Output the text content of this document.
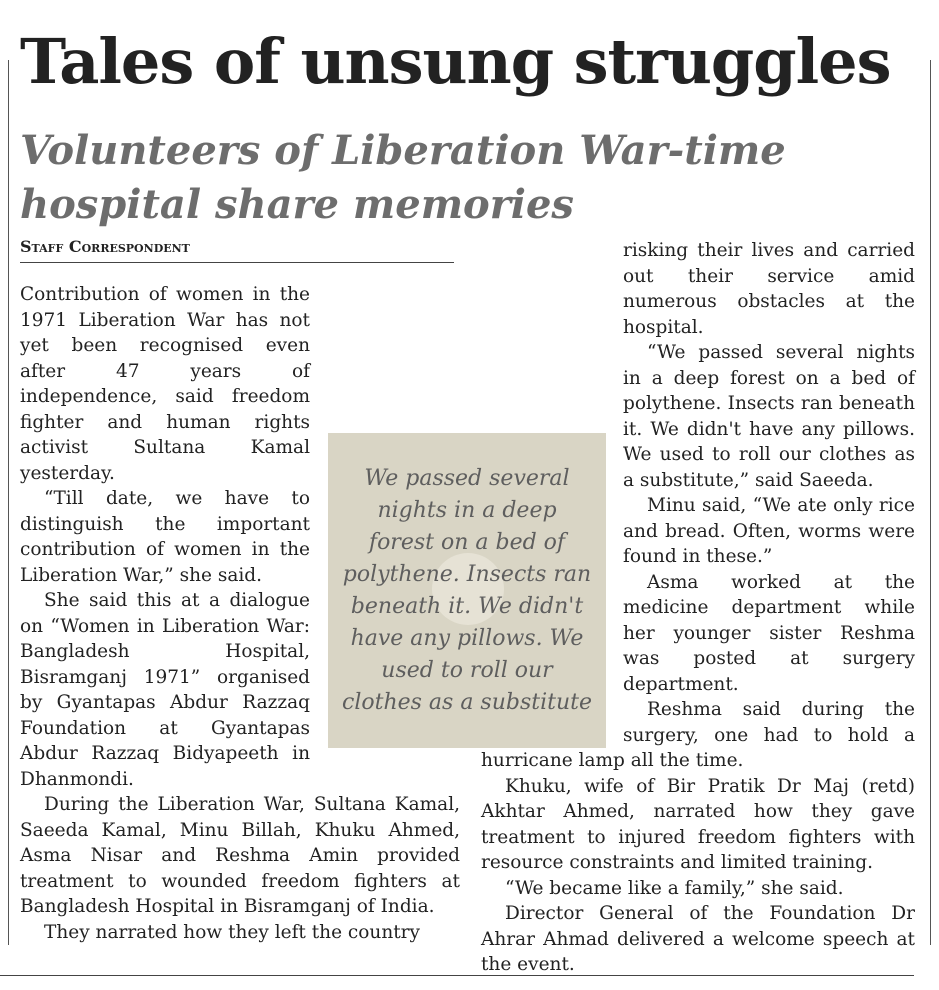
Tales of unsung struggles
Volunteers of Liberation War-time hospital share memories
Staff Correspondent

Contribution of women in the 1971 Liberation War has not yet been recognised even after 47 years of independence, said freedom fighter and human rights activist Sultana Kamal yesterday.

“Till date, we have to distinguish the important contribution of women in the Liberation War,” she said.

She said this at a dialogue on “Women in Liberation War: Bangladesh Hospital, Bisramganj 1971” organised by Gyantapas Abdur Razzaq Foundation at Gyantapas Abdur Razzaq Bidyapeeth in Dhanmondi.

During the Liberation War, Sultana Kamal, Saeeda Kamal, Minu Billah, Khuku Ahmed, Asma Nisar and Reshma Amin provided treatment to wounded freedom fighters at Bangladesh Hospital in Bisramganj of India.

They narrated how they left the country

risking their lives and carried out their service amid numerous obstacles at the hospital.

“We passed several nights in a deep forest on a bed of polythene. Insects ran beneath it. We didn't have any pillows. We used to roll our clothes as a substitute,” said Saeeda.

Minu said, “We ate only rice and bread. Often, worms were found in these.”

Asma worked at the medicine department while her younger sister Reshma was posted at surgery department.

Reshma said during the surgery, one had to hold a hurricane lamp all the time.

Khuku, wife of Bir Pratik Dr Maj (retd) Akhtar Ahmed, narrated how they gave treatment to injured freedom fighters with resource constraints and limited training.

“We became like a family,” she said.

Director General of the Foundation Dr Ahrar Ahmad delivered a welcome speech at the event.

We passed several nights in a deep forest on a bed of polythene. Insects ran beneath it. We didn't have any pillows. We used to roll our clothes as a substitute
